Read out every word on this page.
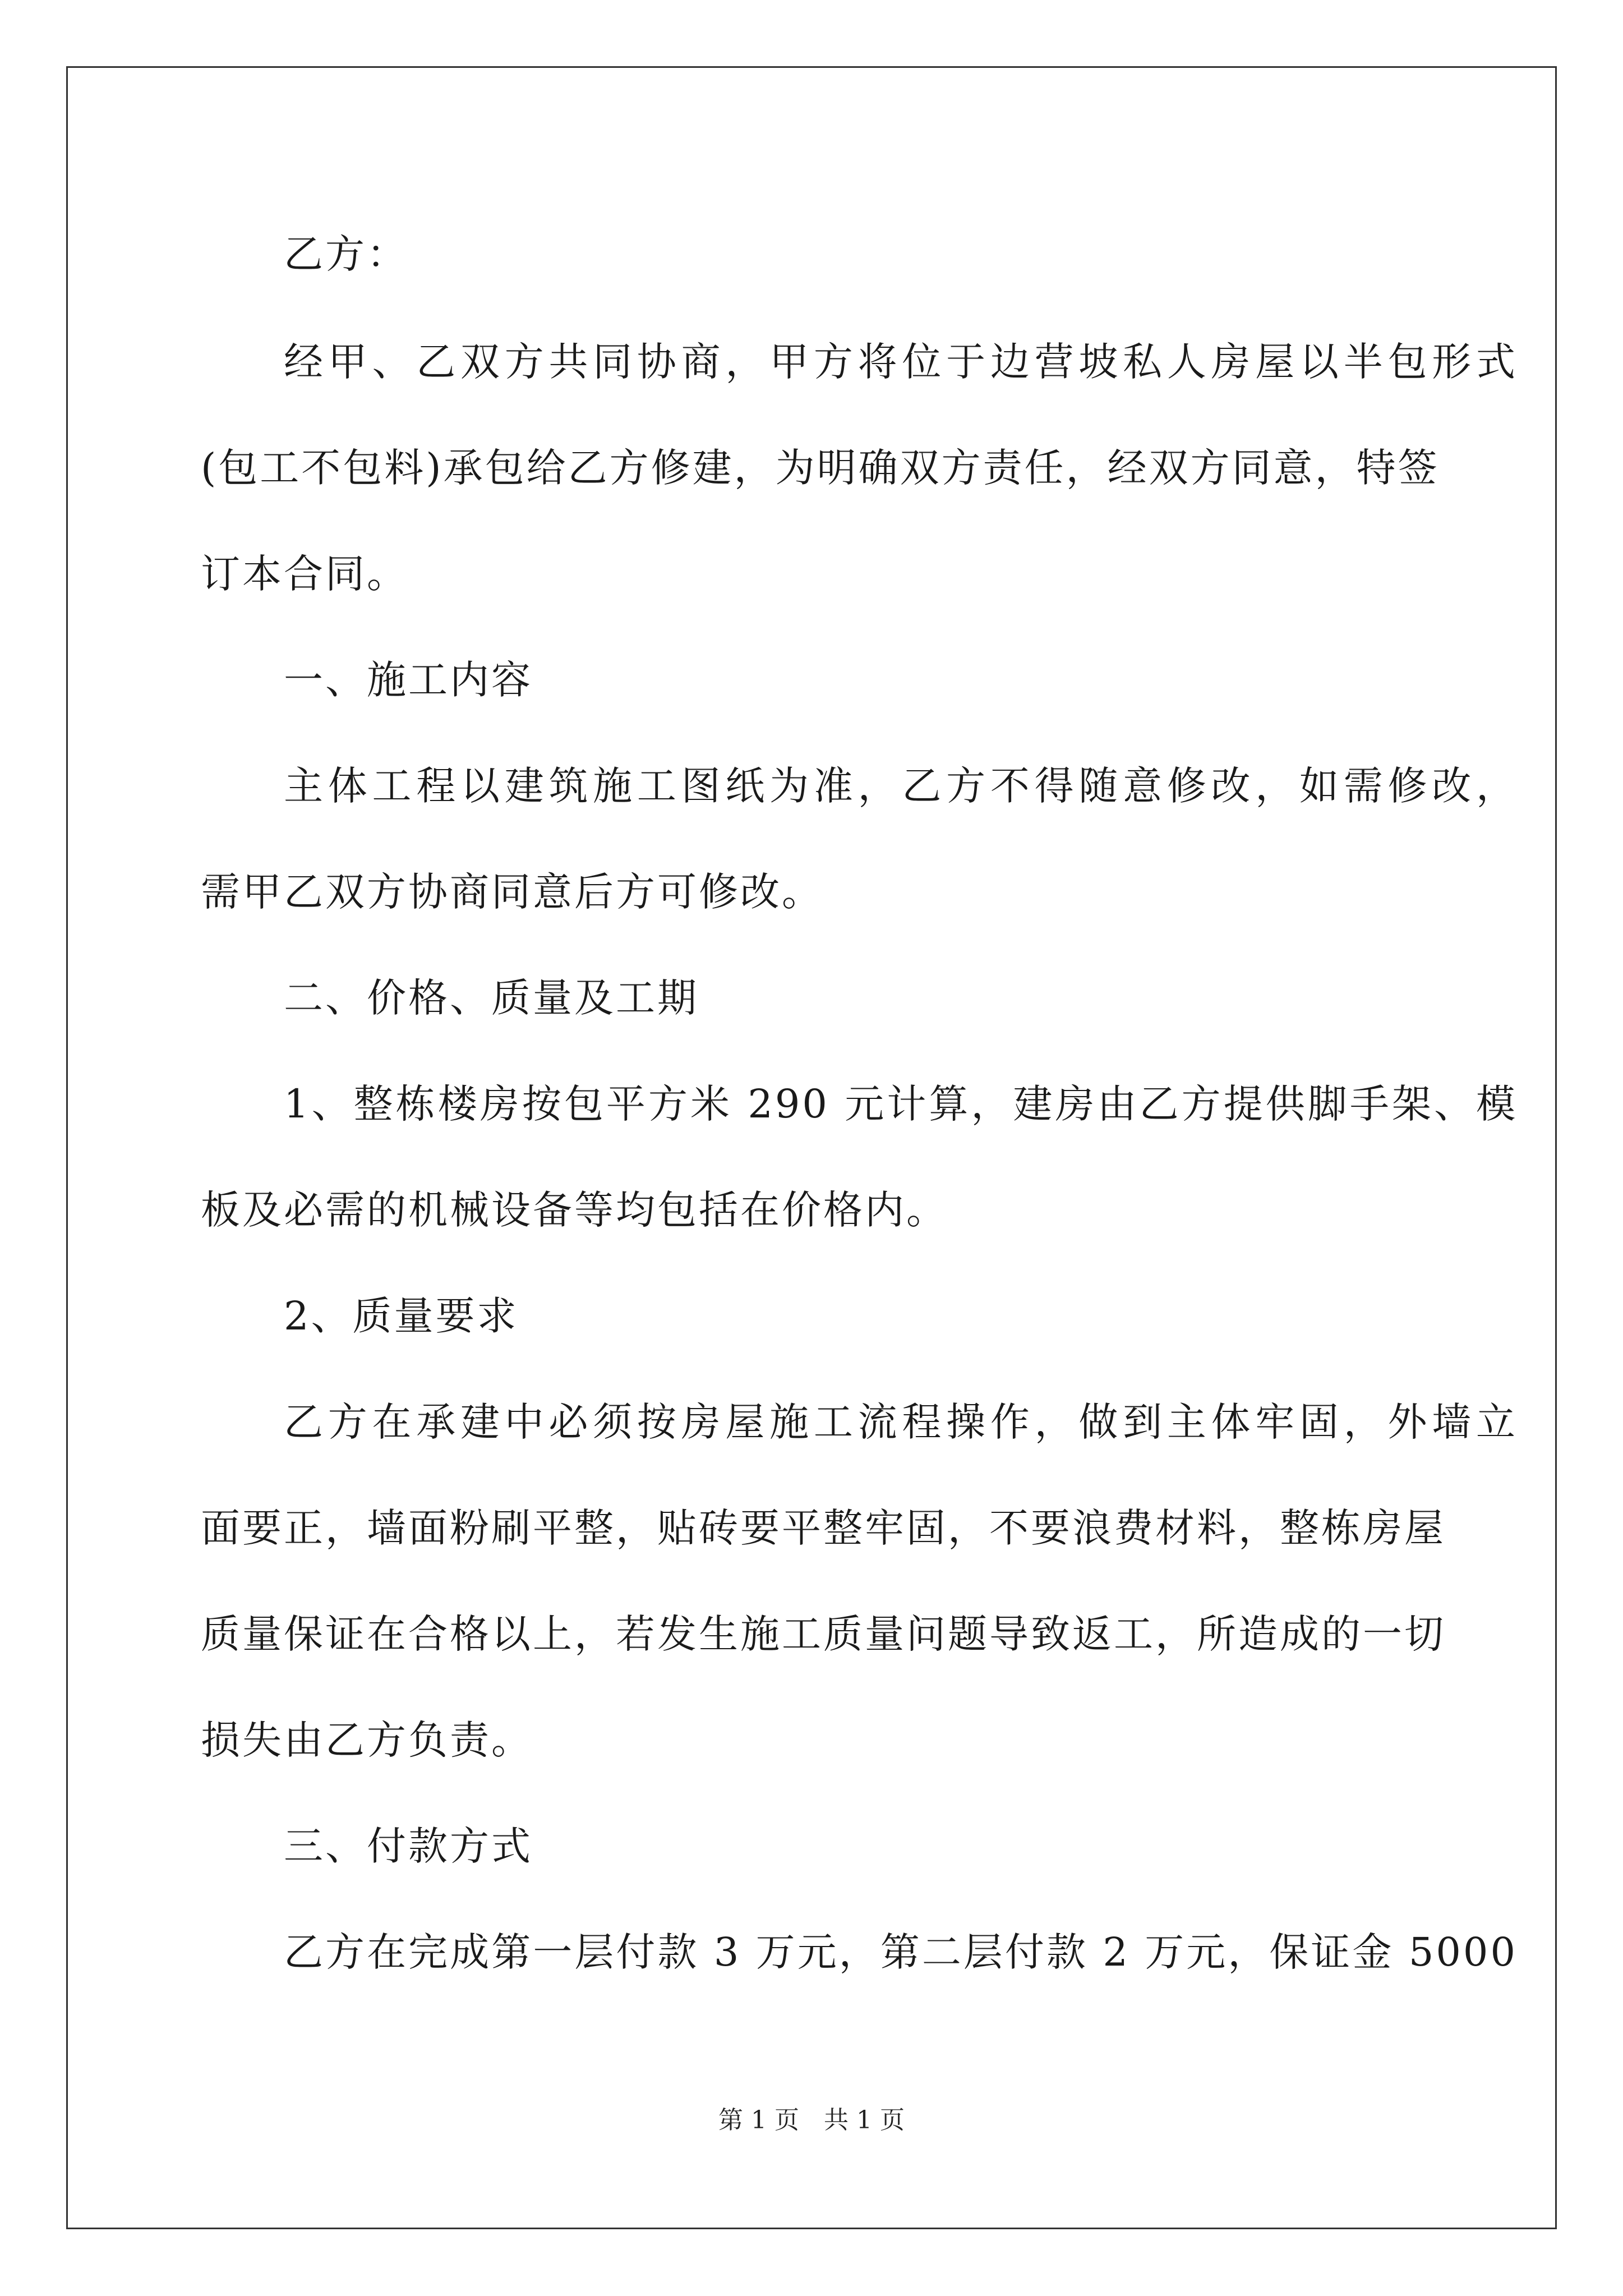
乙方：
经甲、乙双方共同协商，甲方将位于边营坡私人房屋以半包形式
(包工不包料)承包给乙方修建，为明确双方责任，经双方同意，特签
订本合同。
一、施工内容
主体工程以建筑施工图纸为准，乙方不得随意修改，如需修改，
需甲乙双方协商同意后方可修改。
二、价格、质量及工期
1、整栋楼房按包平方米 290 元计算，建房由乙方提供脚手架、模
板及必需的机械设备等均包括在价格内。
2、质量要求
乙方在承建中必须按房屋施工流程操作，做到主体牢固，外墙立
面要正，墙面粉刷平整，贴砖要平整牢固，不要浪费材料，整栋房屋
质量保证在合格以上，若发生施工质量问题导致返工，所造成的一切
损失由乙方负责。
三、付款方式
乙方在完成第一层付款 3 万元，第二层付款 2 万元，保证金 5000
第 1 页　共 1 页
